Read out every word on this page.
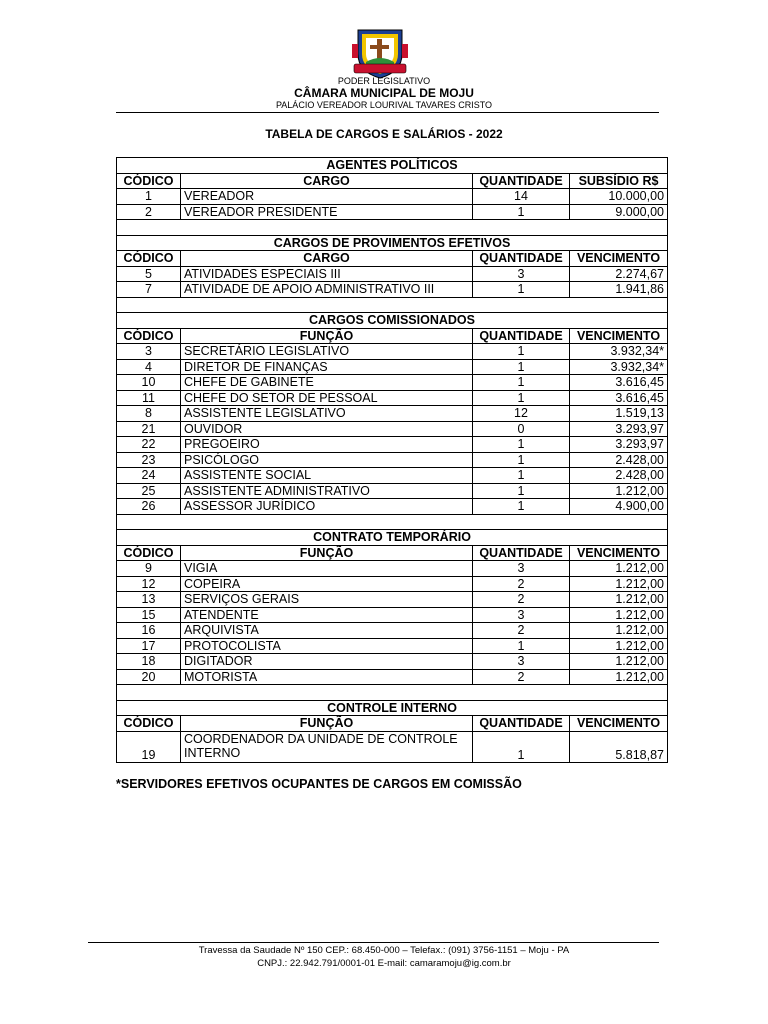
PODER LEGISLATIVO
CÂMARA MUNICIPAL DE MOJU
PALÁCIO VEREADOR LOURIVAL TAVARES CRISTO
TABELA DE CARGOS E SALÁRIOS - 2022
AGENTES POLÍTICOS			
CÓDICO	CARGO	QUANTIDADE	SUBSÍDIO R$
1	VEREADOR	14	10.000,00
2	VEREADOR PRESIDENTE	1	9.000,00

CARGOS DE PROVIMENTOS EFETIVOS			
CÓDICO	CARGO	QUANTIDADE	VENCIMENTO
5	ATIVIDADES ESPECIAIS III	3	2.274,67
7	ATIVIDADE DE APOIO ADMINISTRATIVO III	1	1.941,86

CARGOS COMISSIONADOS			
CÓDICO	FUNÇÃO	QUANTIDADE	VENCIMENTO
3	SECRETÁRIO LEGISLATIVO	1	3.932,34*
4	DIRETOR DE FINANÇAS	1	3.932,34*
10	CHEFE DE GABINETE	1	3.616,45
11	CHEFE DO SETOR DE PESSOAL	1	3.616,45
8	ASSISTENTE LEGISLATIVO	12	1.519,13
21	OUVIDOR	0	3.293,97
22	PREGOEIRO	1	3.293,97
23	PSICÓLOGO	1	2.428,00
24	ASSISTENTE SOCIAL	1	2.428,00
25	ASSISTENTE ADMINISTRATIVO	1	1.212,00
26	ASSESSOR JURÍDICO	1	4.900,00

CONTRATO TEMPORÁRIO			
CÓDICO	FUNÇÃO	QUANTIDADE	VENCIMENTO
9	VIGIA	3	1.212,00
12	COPEIRA	2	1.212,00
13	SERVIÇOS GERAIS	2	1.212,00
15	ATENDENTE	3	1.212,00
16	ARQUIVISTA	2	1.212,00
17	PROTOCOLISTA	1	1.212,00
18	DIGITADOR	3	1.212,00
20	MOTORISTA	2	1.212,00

CONTROLE INTERNO			
CÓDICO	FUNÇÃO	QUANTIDADE	VENCIMENTO
19	COORDENADOR DA UNIDADE DE CONTROLE INTERNO	1	5.818,87
*SERVIDORES EFETIVOS OCUPANTES DE CARGOS EM COMISSÃO
Travessa da Saudade Nº 150 CEP.: 68.450-000 – Telefax.: (091) 3756-1151 – Moju - PA
CNPJ.: 22.942.791/0001-01 E-mail: camaramoju@ig.com.br
